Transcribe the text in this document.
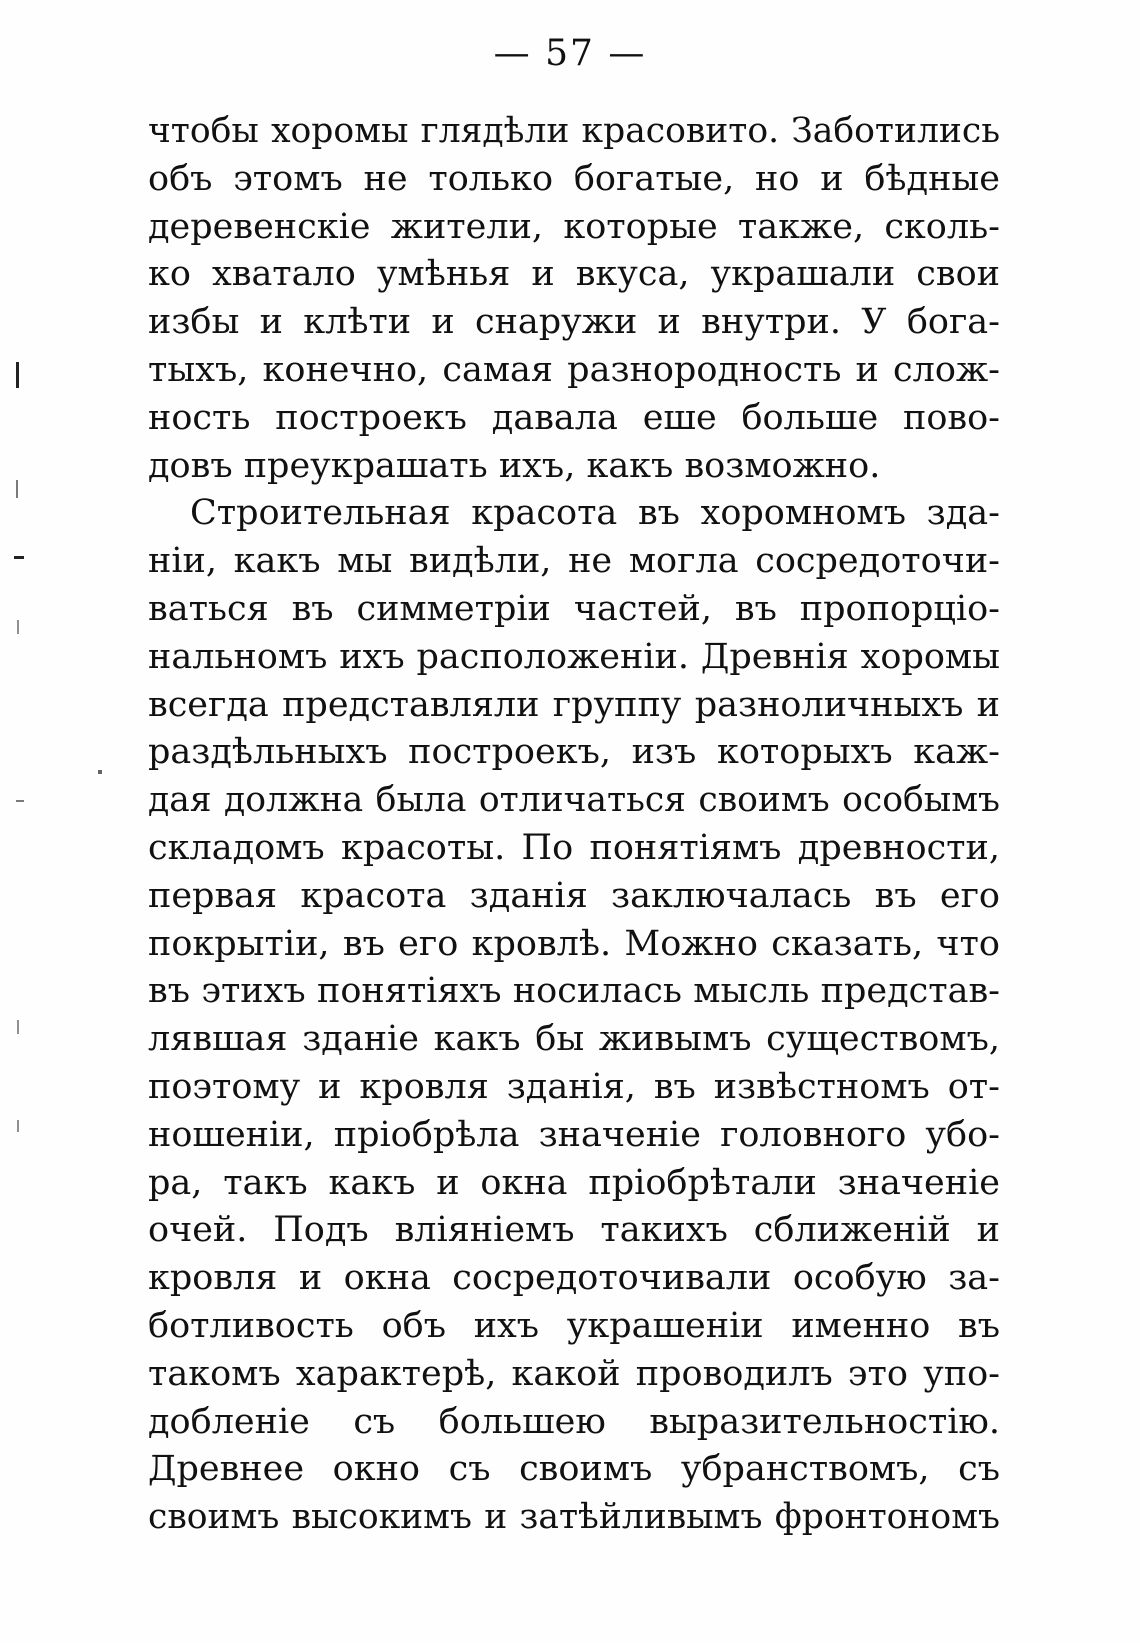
— 57 —
чтобы хоромы глядѣли красовито. Заботились
объ этомъ не только богатые, но и бѣдные
деревенскіе жители, которые также, сколь-
ко хватало умѣнья и вкуса, украшали свои
избы и клѣти и снаружи и внутри. У бога-
тыхъ, конечно, самая разнородность и слож-
ность построекъ давала еше больше пово-
довъ преукрашать ихъ, какъ возможно.
Строительная красота въ хоромномъ зда-
ніи, какъ мы видѣли, не могла сосредоточи-
ваться въ симметріи частей, въ пропорціо-
нальномъ ихъ расположеніи. Древнія хоромы
всегда представляли группу разноличныхъ и
раздѣльныхъ построекъ, изъ которыхъ каж-
дая должна была отличаться своимъ особымъ
складомъ красоты. По понятіямъ древности,
первая красота зданія заключалась въ его
покрытіи, въ его кровлѣ. Можно сказать, что
въ этихъ понятіяхъ носилась мысль представ-
лявшая зданіе какъ бы живымъ существомъ,
поэтому и кровля зданія, въ извѣстномъ от-
ношеніи, пріобрѣла значеніе головного убо-
ра, такъ какъ и окна пріобрѣтали значеніе
очей. Подъ вліяніемъ такихъ сближеній и
кровля и окна сосредоточивали особую за-
ботливость объ ихъ украшеніи именно въ
такомъ характерѣ, какой проводилъ это упо-
добленіе съ большею выразительностію.
Древнее окно съ своимъ убранствомъ, съ
своимъ высокимъ и затѣйливымъ фронтономъ
